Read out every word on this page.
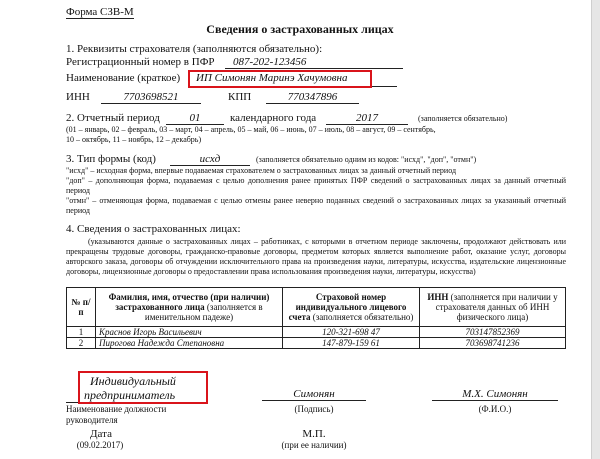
Форма СЗВ-М
Сведения о застрахованных лицах
1. Реквизиты страхователя (заполняются обязательно):
Регистрационный номер в ПФР	087-202-123456
Наименование (краткое) ИП Симонян Маринэ Хачумовна
ИНН	7703698521	КПП	770347896
2. Отчетный период	01	календарного года	2017	(заполняется обязательно)
(01 – январь, 02 – февраль, 03 – март, 04 – апрель, 05 – май, 06 – июнь, 07 – июль, 08 – август, 09 – сентябрь,
10 – октябрь, 11 – ноябрь, 12 – декабрь)
3. Тип формы (код)	исхд	(заполняется обязательно одним из кодов: "исхд", "доп", "отмн")
"исхд" – исходная форма, впервые подаваемая страхователем о застрахованных лицах за данный отчетный период
"доп" – дополняющая форма, подаваемая с целью дополнения ранее принятых ПФР сведений о застрахованных лицах за данный отчетный период
"отмн" – отменяющая форма, подаваемая с целью отмены ранее неверно поданных сведений о застрахованных лицах за указанный отчетный период
4. Сведения о застрахованных лицах:
(указываются данные о застрахованных лицах – работниках, с которыми в отчетном периоде заключены, продолжают действовать или прекращены трудовые договоры, гражданско-правовые договоры, предметом которых является выполнение работ, оказание услуг, договоры авторского заказа, договоры об отчуждении исключительного права на произведения науки, литературы, искусства, издательские лицензионные договоры, лицензионные договоры о предоставлении права использования произведения науки, литературы, искусства)
№ п/п	Фамилия, имя, отчество (при наличии) застрахованного лица (заполняется в именительном падеже)	Страховой номер индивидуального лицевого счета (заполняется обязательно)	ИНН (заполняется при наличии у страхователя данных об ИНН физического лица)
1	Краснов Игорь Васильевич	120-321-698 47	703147852369
2	Пирогова Надежда Степановна	147-879-159 61	703698741236
Индивидуальный
предприниматель
Наименование должности
руководителя
Симонян
(Подпись)
М.Х. Симонян
(Ф.И.О.)
Дата
(09.02.2017)
М.П.
(при ее наличии)
